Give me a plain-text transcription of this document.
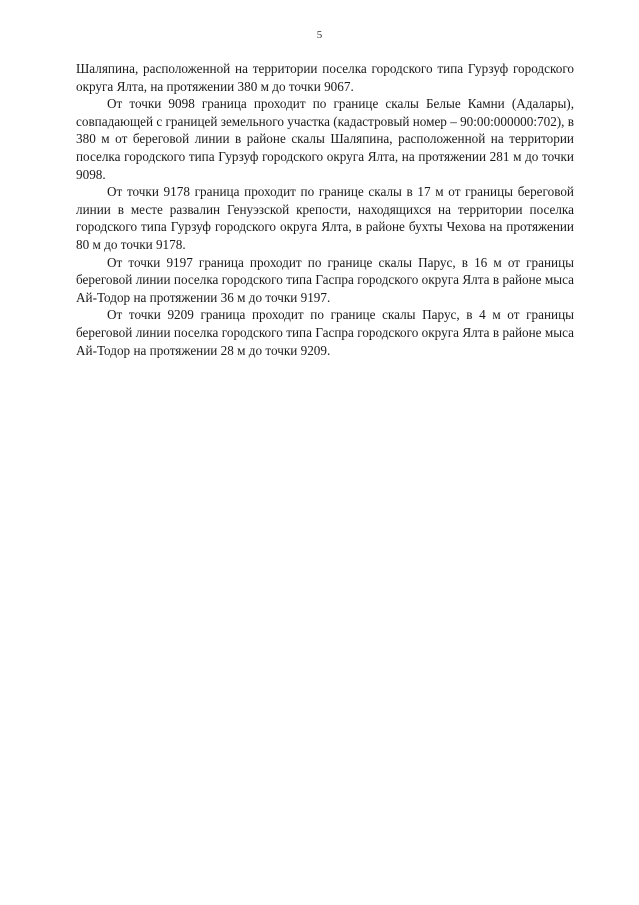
5

Шаляпина, расположенной на территории поселка городского типа Гурзуф городского округа Ялта, на протяжении 380 м до точки 9067.

От точки 9098 граница проходит по границе скалы Белые Камни (Адалары), совпадающей с границей земельного участка (кадастровый номер – 90:00:000000:702), в 380 м от береговой линии в районе скалы Шаляпина, расположенной на территории поселка городского типа Гурзуф городского округа Ялта, на протяжении 281 м до точки 9098.

От точки 9178 граница проходит по границе скалы в 17 м от границы береговой линии в месте развалин Генуэзской крепости, находящихся на территории поселка городского типа Гурзуф городского округа Ялта, в районе бухты Чехова на протяжении 80 м до точки 9178.

От точки 9197 граница проходит по границе скалы Парус, в 16 м от границы береговой линии поселка городского типа Гаспра городского округа Ялта в районе мыса Ай-Тодор на протяжении 36 м до точки 9197.

От точки 9209 граница проходит по границе скалы Парус, в 4 м от границы береговой линии поселка городского типа Гаспра городского округа Ялта в районе мыса Ай-Тодор на протяжении 28 м до точки 9209.
